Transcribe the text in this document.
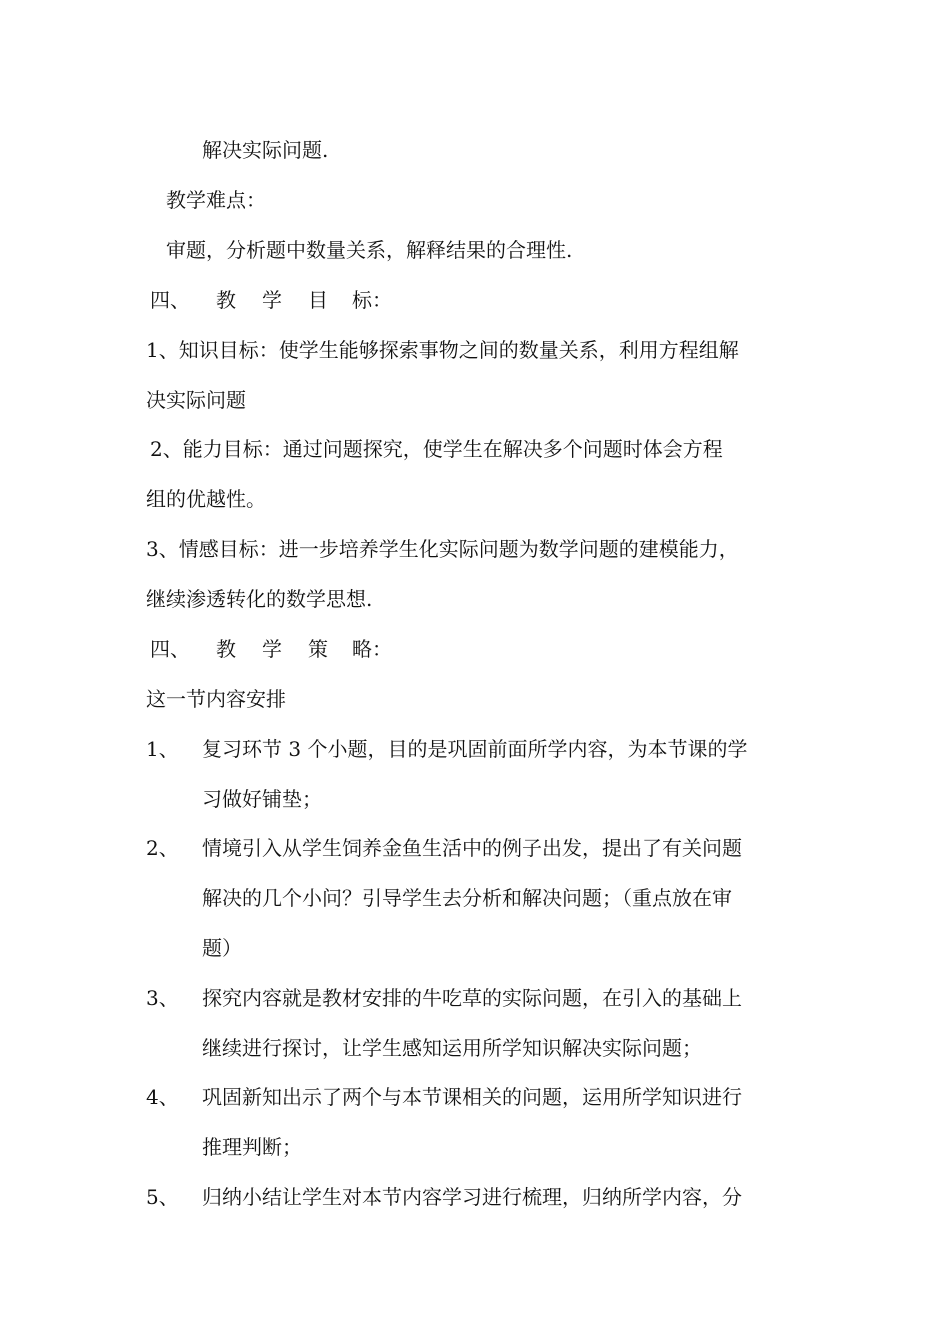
解决实际问题.
教学难点：
审题，分析题中数量关系，解释结果的合理性.
四、 教 学 目 标：
1、知识目标：使学生能够探索事物之间的数量关系，利用方程组解
决实际问题
2、能力目标：通过问题探究，使学生在解决多个问题时体会方程
组的优越性。
3、情感目标：进一步培养学生化实际问题为数学问题的建模能力，
继续渗透转化的数学思想.
四、 教 学 策 略：
这一节内容安排
1、 复习环节 3 个小题，目的是巩固前面所学内容，为本节课的学
习做好铺垫；
2、 情境引入从学生饲养金鱼生活中的例子出发，提出了有关问题
解决的几个小问？引导学生去分析和解决问题；（重点放在审
题）
3、 探究内容就是教材安排的牛吃草的实际问题，在引入的基础上
继续进行探讨，让学生感知运用所学知识解决实际问题；
4、 巩固新知出示了两个与本节课相关的问题，运用所学知识进行
推理判断；
5、 归纳小结让学生对本节内容学习进行梳理，归纳所学内容，分
